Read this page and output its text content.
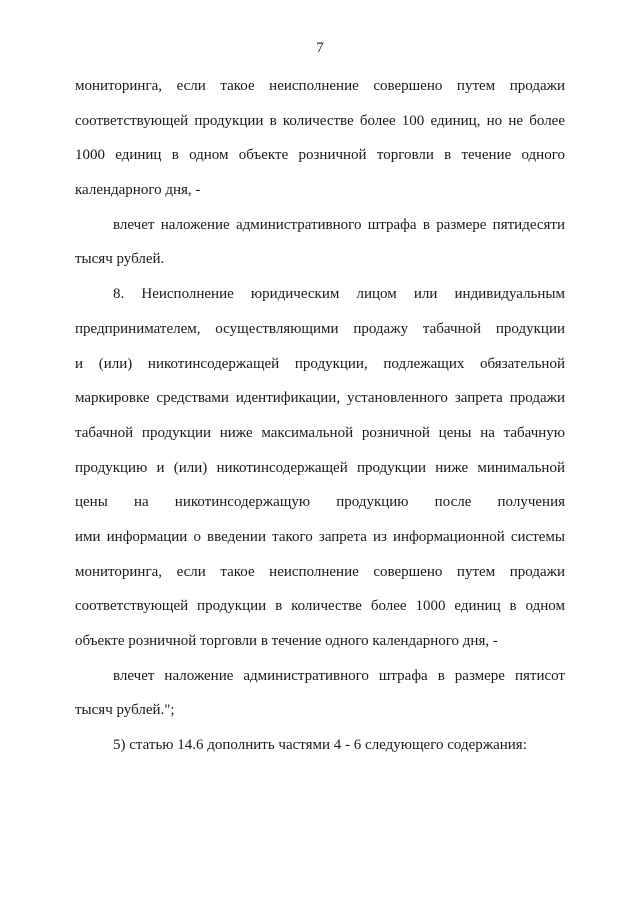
7
мониторинга, если такое неисполнение совершено путем продажи
соответствующей продукции в количестве более 100 единиц, но не более
1000 единиц в одном объекте розничной торговли в течение одного
календарного дня, -
влечет наложение административного штрафа в размере пятидесяти
тысяч рублей.
8. Неисполнение юридическим лицом или индивидуальным
предпринимателем, осуществляющими продажу табачной продукции
и (или) никотинсодержащей продукции, подлежащих обязательной
маркировке средствами идентификации, установленного запрета продажи
табачной продукции ниже максимальной розничной цены на табачную
продукцию и (или) никотинсодержащей продукции ниже минимальной
цены на никотинсодержащую продукцию после получения
ими информации о введении такого запрета из информационной системы
мониторинга, если такое неисполнение совершено путем продажи
соответствующей продукции в количестве более 1000 единиц в одном
объекте розничной торговли в течение одного календарного дня, -
влечет наложение административного штрафа в размере пятисот
тысяч рублей.";
5) статью 14.6 дополнить частями 4 - 6 следующего содержания:
